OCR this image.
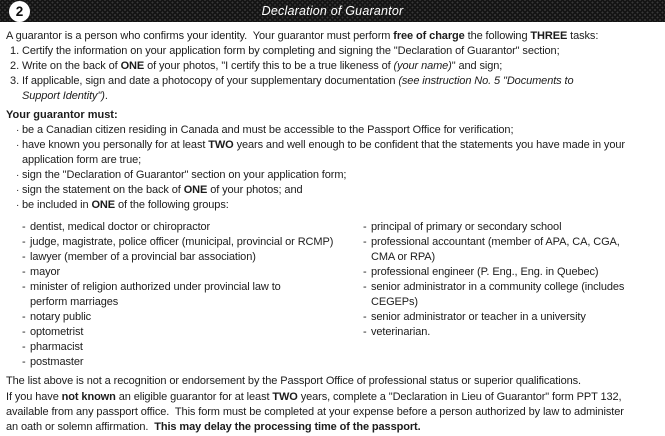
2	Declaration of Guarantor
A guarantor is a person who confirms your identity.  Your guarantor must perform free of charge the following THREE tasks:
1. Certify the information on your application form by completing and signing the "Declaration of Guarantor" section;
2. Write on the back of ONE of your photos, "I certify this to be a true likeness of (your name)" and sign;
3. If applicable, sign and date a photocopy of your supplementary documentation (see instruction No. 5 "Documents to
Support Identity").
Your guarantor must:
· be a Canadian citizen residing in Canada and must be accessible to the Passport Office for verification;
· have known you personally for at least TWO years and well enough to be confident that the statements you have made in your
application form are true;
· sign the "Declaration of Guarantor" section on your application form;
· sign the statement on the back of ONE of your photos; and
· be included in ONE of the following groups:
- dentist, medical doctor or chiropractor
- judge, magistrate, police officer (municipal, provincial or RCMP)
- lawyer (member of a provincial bar association)
- mayor
- minister of religion authorized under provincial law to
perform marriages
- notary public
- optometrist
- pharmacist
- postmaster
- principal of primary or secondary school
- professional accountant (member of APA, CA, CGA,
CMA or RPA)
- professional engineer (P. Eng., Eng. in Quebec)
- senior administrator in a community college (includes
CEGEPs)
- senior administrator or teacher in a university
- veterinarian.
The list above is not a recognition or endorsement by the Passport Office of professional status or superior qualifications.
If you have not known an eligible guarantor for at least TWO years, complete a "Declaration in Lieu of Guarantor" form PPT 132,
available from any passport office.  This form must be completed at your expense before a person authorized by law to administer
an oath or solemn affirmation.  This may delay the processing time of the passport.
